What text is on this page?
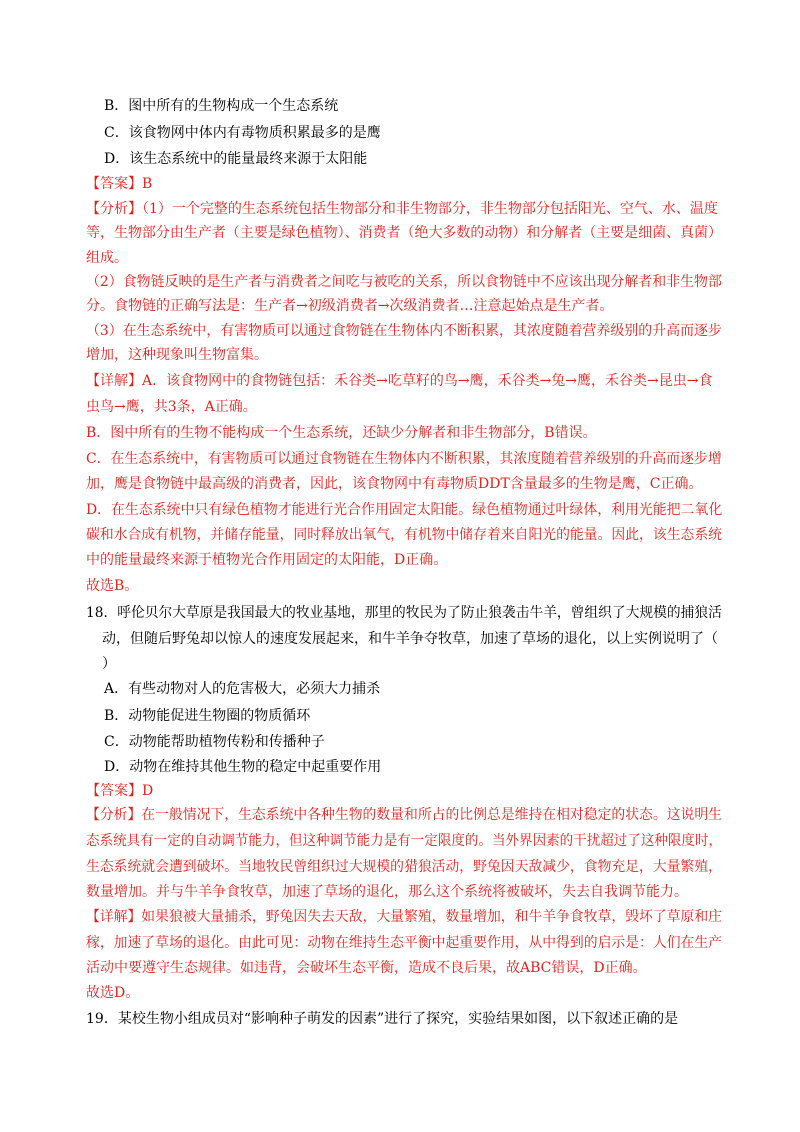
B．图中所有的生物构成一个生态系统
C．该食物网中体内有毒物质积累最多的是鹰
D．该生态系统中的能量最终来源于太阳能
【答案】B
【分析】（1）一个完整的生态系统包括生物部分和非生物部分，非生物部分包括阳光、空气、水、温度
等，生物部分由生产者（主要是绿色植物）、消费者（绝大多数的动物）和分解者（主要是细菌、真菌）
组成。
（2）食物链反映的是生产者与消费者之间吃与被吃的关系，所以食物链中不应该出现分解者和非生物部
分。食物链的正确写法是：生产者→初级消费者→次级消费者…注意起始点是生产者。
（3）在生态系统中，有害物质可以通过食物链在生物体内不断积累，其浓度随着营养级别的升高而逐步
增加，这种现象叫生物富集。
【详解】A．该食物网中的食物链包括：禾谷类→吃草籽的鸟→鹰，禾谷类→兔→鹰，禾谷类→昆虫→食
虫鸟→鹰，共3条，A正确。
B．图中所有的生物不能构成一个生态系统，还缺少分解者和非生物部分，B错误。
C．在生态系统中，有害物质可以通过食物链在生物体内不断积累，其浓度随着营养级别的升高而逐步增
加，鹰是食物链中最高级的消费者，因此，该食物网中有毒物质DDT含量最多的生物是鹰，C正确。
D．在生态系统中只有绿色植物才能进行光合作用固定太阳能。绿色植物通过叶绿体，利用光能把二氧化
碳和水合成有机物，并储存能量，同时释放出氧气，有机物中储存着来自阳光的能量。因此，该生态系统
中的能量最终来源于植物光合作用固定的太阳能，D正确。
故选B。
18．呼伦贝尔大草原是我国最大的牧业基地，那里的牧民为了防止狼袭击牛羊，曾组织了大规模的捕狼活
动，但随后野兔却以惊人的速度发展起来，和牛羊争夺牧草，加速了草场的退化，以上实例说明了（
）
A．有些动物对人的危害极大，必须大力捕杀
B．动物能促进生物圈的物质循环
C．动物能帮助植物传粉和传播种子
D．动物在维持其他生物的稳定中起重要作用
【答案】D
【分析】在一般情况下，生态系统中各种生物的数量和所占的比例总是维持在相对稳定的状态。这说明生
态系统具有一定的自动调节能力，但这种调节能力是有一定限度的。当外界因素的干扰超过了这种限度时，
生态系统就会遭到破坏。当地牧民曾组织过大规模的猎狼活动，野兔因天敌减少，食物充足，大量繁殖，
数量增加。并与牛羊争食牧草，加速了草场的退化，那么这个系统将被破坏，失去自我调节能力。
【详解】如果狼被大量捕杀，野兔因失去天敌，大量繁殖，数量增加，和牛羊争食牧草，毁坏了草原和庄
稼，加速了草场的退化。由此可见：动物在维持生态平衡中起重要作用，从中得到的启示是：人们在生产
活动中要遵守生态规律。如违背，会破坏生态平衡，造成不良后果，故ABC错误，D正确。
故选D。
19．某校生物小组成员对“影响种子萌发的因素”进行了探究，实验结果如图，以下叙述正确的是
